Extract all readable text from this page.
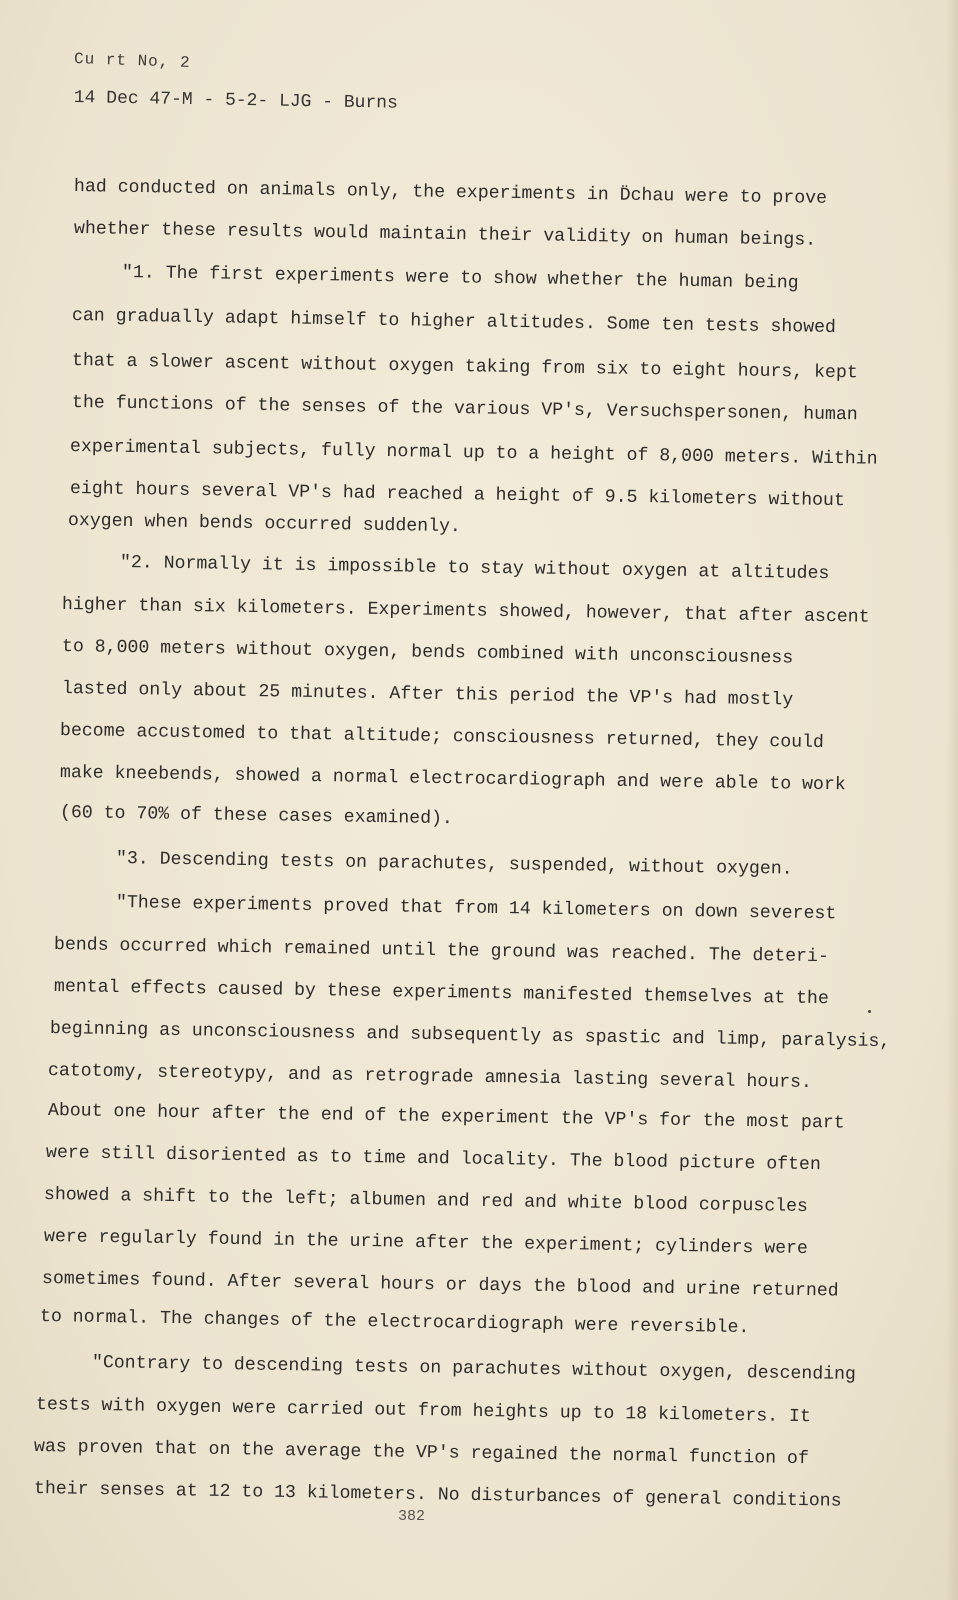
Cu rt No, 2
14 Dec 47-M - 5-2- LJG - Burns
had conducted on animals only, the experiments in D̈chau were to prove
whether these results would maintain their validity on human beings.
"1. The first experiments were to show whether the human being
can gradually adapt himself to higher altitudes. Some ten tests showed
that a slower ascent without oxygen taking from six to eight hours, kept
the functions of the senses of the various VP's, Versuchspersonen, human
experimental subjects, fully normal up to a height of 8,000 meters. Within
eight hours several VP's had reached a height of 9.5 kilometers without
oxygen when bends occurred suddenly.
"2. Normally it is impossible to stay without oxygen at altitudes
higher than six kilometers. Experiments showed, however, that after ascent
to 8,000 meters without oxygen, bends combined with unconsciousness
lasted only about 25 minutes. After this period the VP's had mostly
become accustomed to that altitude; consciousness returned, they could
make kneebends, showed a normal electrocardiograph and were able to work
(60 to 70% of these cases examined).
"3. Descending tests on parachutes, suspended, without oxygen.
"These experiments proved that from 14 kilometers on down severest
bends occurred which remained until the ground was reached. The deteri-
mental effects caused by these experiments manifested themselves at the
beginning as unconsciousness and subsequently as spastic and limp, paralysis,
catotomy, stereotypy, and as retrograde amnesia lasting several hours.
About one hour after the end of the experiment the VP's for the most part
were still disoriented as to time and locality. The blood picture often
showed a shift to the left; albumen and red and white blood corpuscles
were regularly found in the urine after the experiment; cylinders were
sometimes found. After several hours or days the blood and urine returned
to normal. The changes of the electrocardiograph were reversible.
"Contrary to descending tests on parachutes without oxygen, descending
tests with oxygen were carried out from heights up to 18 kilometers. It
was proven that on the average the VP's regained the normal function of
their senses at 12 to 13 kilometers. No disturbances of general conditions
382
